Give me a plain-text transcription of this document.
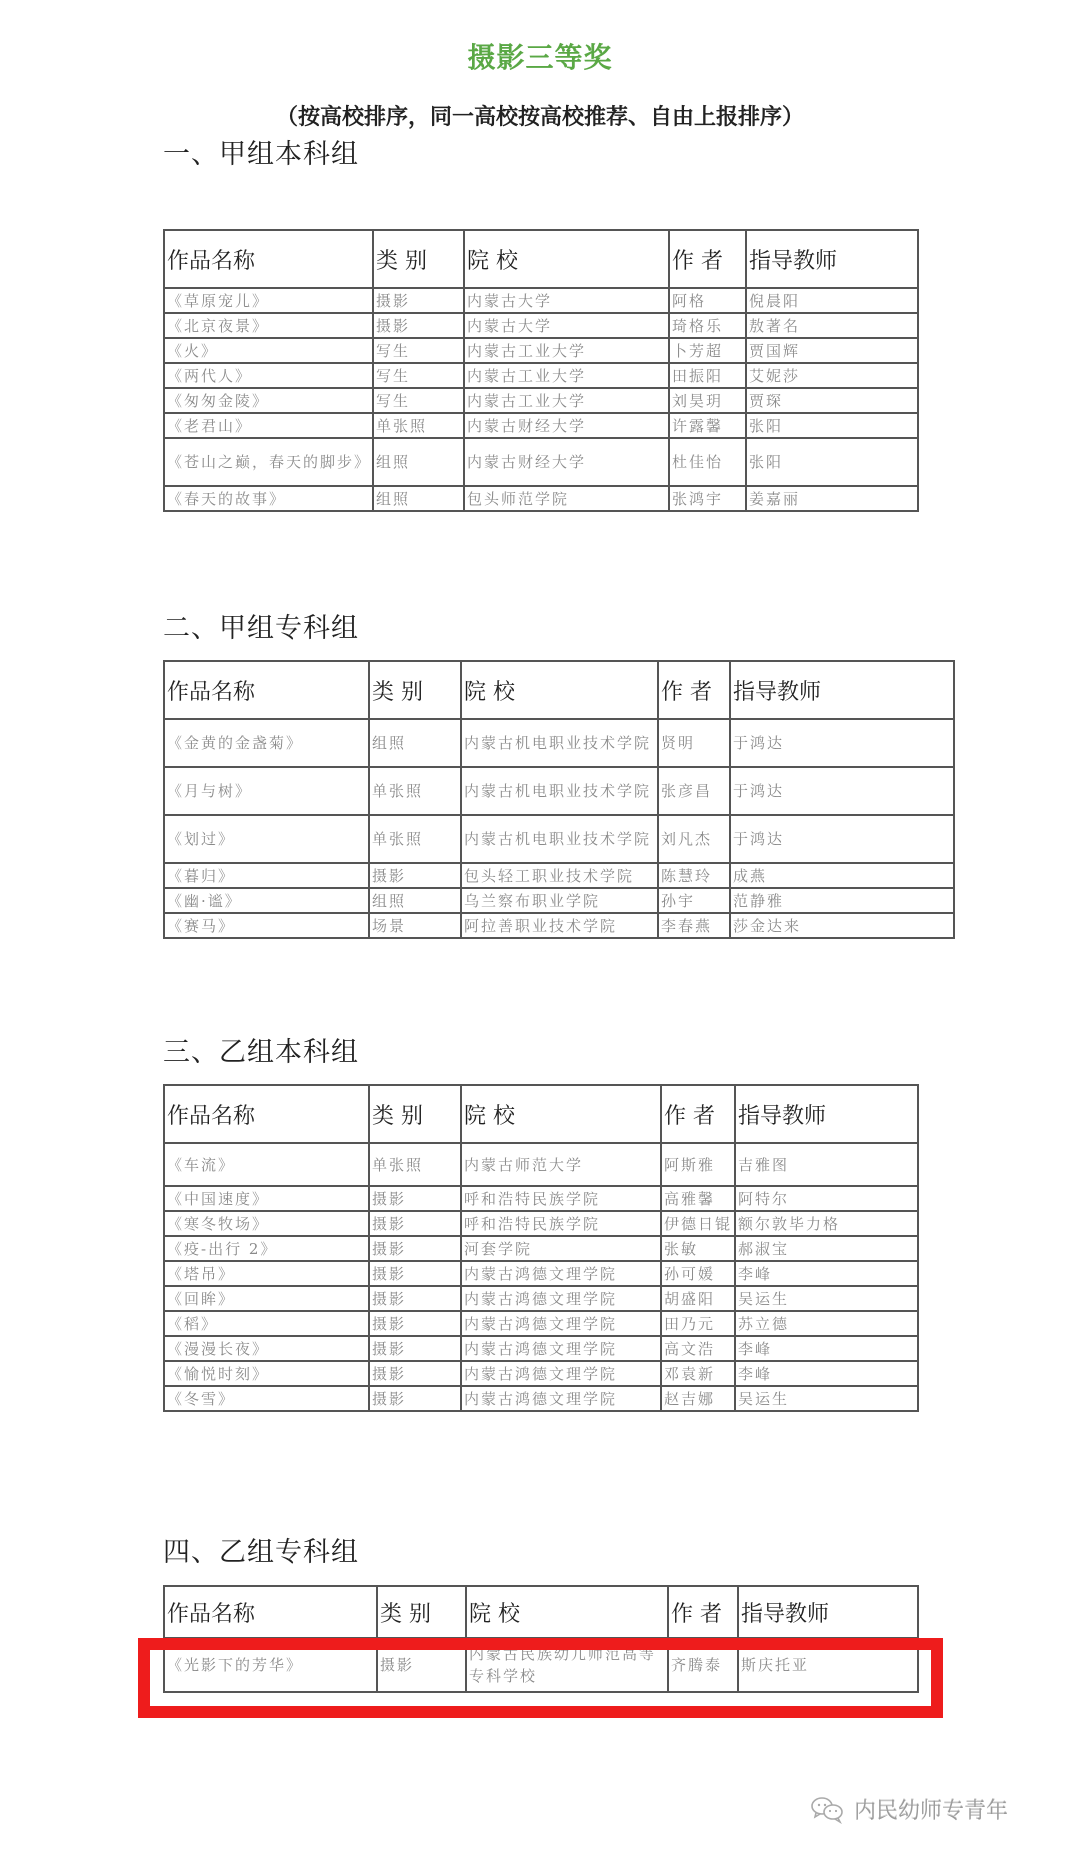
摄影三等奖
（按高校排序，同一高校按高校推荐、自由上报排序）
一、甲组本科组
作品名称	类 别	院 校	作 者	指导教师
《草原宠儿》	摄影	内蒙古大学	阿格	倪晨阳
《北京夜景》	摄影	内蒙古大学	琦格乐	敖著名
《火》	写生	内蒙古工业大学	卜芳超	贾国辉
《两代人》	写生	内蒙古工业大学	田振阳	艾妮莎
《匆匆金陵》	写生	内蒙古工业大学	刘昊玥	贾琛
《老君山》	单张照	内蒙古财经大学	许露馨	张阳
《苍山之巅，春天的脚步》	组照	内蒙古财经大学	杜佳怡	张阳
《春天的故事》	组照	包头师范学院	张鸿宇	姜嘉丽
二、甲组专科组
作品名称	类 别	院 校	作 者	指导教师
《金黄的金盏菊》	组照	内蒙古机电职业技术学院	贤明	于鸿达
《月与树》	单张照	内蒙古机电职业技术学院	张彦昌	于鸿达
《划过》	单张照	内蒙古机电职业技术学院	刘凡杰	于鸿达
《暮归》	摄影	包头轻工职业技术学院	陈慧玲	成燕
《幽·谧》	组照	乌兰察布职业学院	孙宇	范静雅
《赛马》	场景	阿拉善职业技术学院	李春燕	莎金达来
三、乙组本科组
作品名称	类 别	院 校	作 者	指导教师
《车流》	单张照	内蒙古师范大学	阿斯雅	吉雅图
《中国速度》	摄影	呼和浩特民族学院	高雅馨	阿特尔
《寒冬牧场》	摄影	呼和浩特民族学院	伊德日锟	额尔敦毕力格
《疫-出行 2》	摄影	河套学院	张敏	郝淑宝
《塔吊》	摄影	内蒙古鸿德文理学院	孙可媛	李峰
《回眸》	摄影	内蒙古鸿德文理学院	胡盛阳	吴运生
《稻》	摄影	内蒙古鸿德文理学院	田乃元	苏立德
《漫漫长夜》	摄影	内蒙古鸿德文理学院	高文浩	李峰
《愉悦时刻》	摄影	内蒙古鸿德文理学院	邓袁新	李峰
《冬雪》	摄影	内蒙古鸿德文理学院	赵吉娜	吴运生
四、乙组专科组
作品名称	类 别	院 校	作 者	指导教师
《光影下的芳华》	摄影	内蒙古民族幼儿师范高等专科学校	齐腾泰	斯庆托亚
内民幼师专青年
